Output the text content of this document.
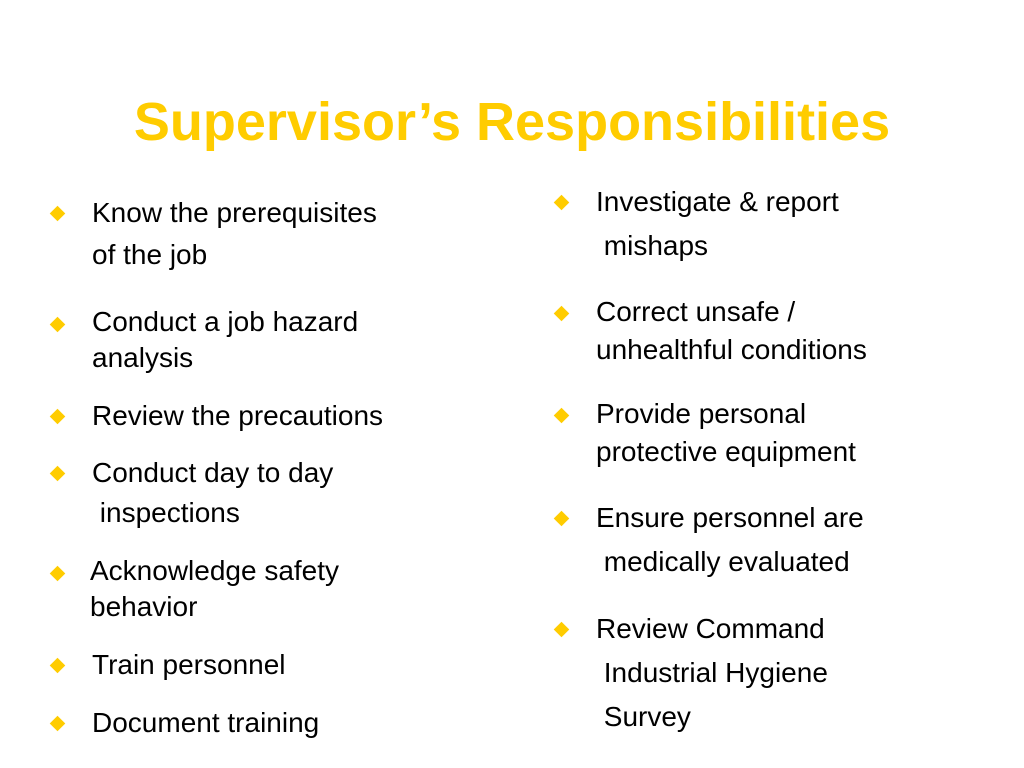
Supervisor’s Responsibilities
Know the prerequisites
of the job
Conduct a job hazard
analysis
Review the precautions
Conduct day to day
inspections
Acknowledge safety
behavior
Train personnel
Document training
Investigate & report
mishaps
Correct unsafe /
unhealthful conditions
Provide personal
protective equipment
Ensure personnel are
medically evaluated
Review Command
Industrial Hygiene
Survey
